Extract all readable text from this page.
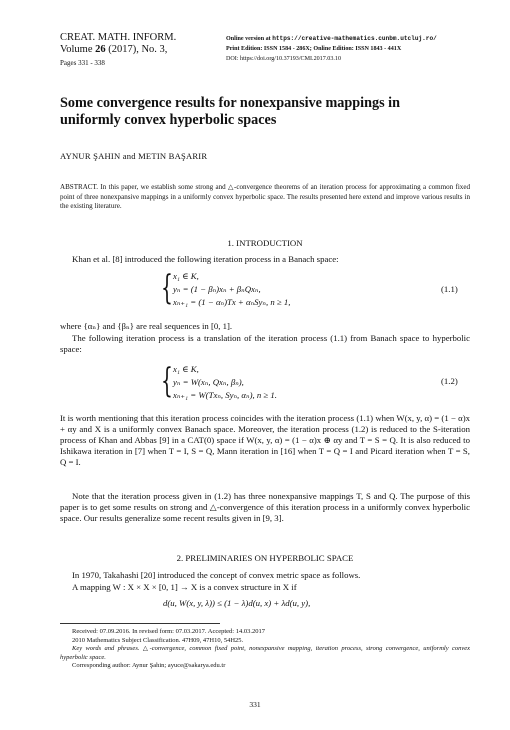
CREAT. MATH. INFORM.
Volume 26 (2017), No. 3,
Pages 331 - 338
Online version at https://creative-mathematics.cunbm.utcluj.ro/
Print Edition: ISSN 1584 - 286X; Online Edition: ISSN 1843 - 441X
DOI: https://doi.org/10.37193/CMI.2017.03.10
Some convergence results for nonexpansive mappings in uniformly convex hyperbolic spaces
AYNUR ŞAHIN and METIN BAŞARIR
ABSTRACT. In this paper, we establish some strong and △-convergence theorems of an iteration process for approximating a common fixed point of three nonexpansive mappings in a uniformly convex hyperbolic space. The results presented here extend and improve various results in the existing literature.
1. INTRODUCTION
Khan et al. [8] introduced the following iteration process in a Banach space:
{ x₁ ∈ K,
yₙ = (1 − βₙ)xₙ + βₙQxₙ,
xₙ₊₁ = (1 − αₙ)Tx + αₙSyₙ, n ≥ 1,
(1.1)
where {αₙ} and {βₙ} are real sequences in [0, 1].
The following iteration process is a translation of the iteration process (1.1) from Banach space to hyperbolic space:
{ x₁ ∈ K,
yₙ = W(xₙ, Qxₙ, βₙ),
xₙ₊₁ = W(Txₙ, Syₙ, αₙ), n ≥ 1.
(1.2)
It is worth mentioning that this iteration process coincides with the iteration process (1.1) when W(x, y, α) = (1 − α)x + αy and X is a uniformly convex Banach space. Moreover, the iteration process (1.2) is reduced to the S-iteration process of Khan and Abbas [9] in a CAT(0) space if W(x, y, α) = (1 − α)x ⊕ αy and T = S = Q. It is also reduced to Ishikawa iteration in [7] when T = I, S = Q, Mann iteration in [16] when T = Q = I and Picard iteration when T = S, Q = I.
Note that the iteration process given in (1.2) has three nonexpansive mappings T, S and Q. The purpose of this paper is to get some results on strong and △-convergence of this iteration process in a uniformly convex hyperbolic space. Our results generalize some recent results given in [9, 3].
2. PRELIMINARIES ON HYPERBOLIC SPACE
In 1970, Takahashi [20] introduced the concept of convex metric space as follows.
A mapping W : X × X × [0, 1] → X is a convex structure in X if
d(u, W(x, y, λ)) ≤ (1 − λ)d(u, x) + λd(u, y),
Received: 07.09.2016. In revised form: 07.03.2017. Accepted: 14.03.2017
2010 Mathematics Subject Classification. 47H09, 47H10, 54H25.
Key words and phrases. △-convergence, common fixed point, nonexpansive mapping, iteration process, strong convergence, uniformly convex hyperbolic space.
Corresponding author: Aynur Şahin; ayuce@sakarya.edu.tr
331
